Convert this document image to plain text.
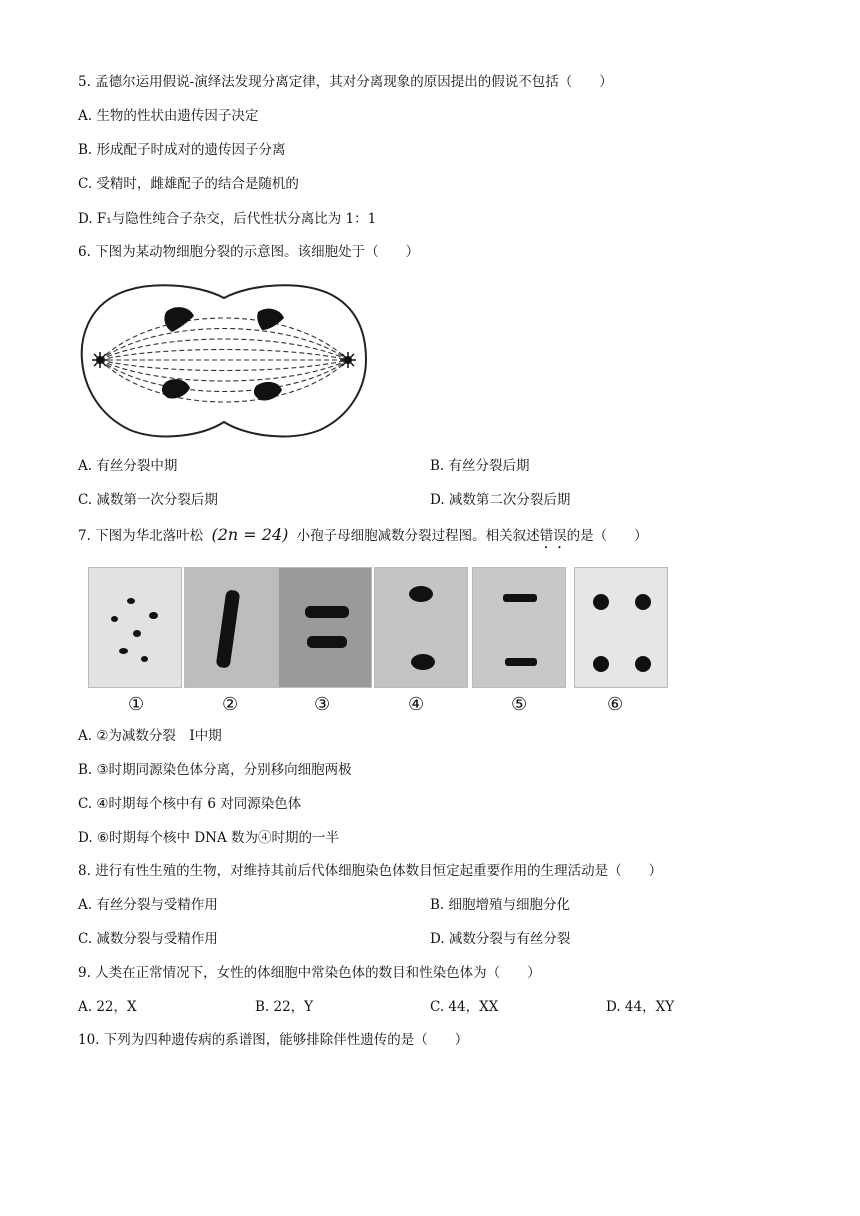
5. 孟德尔运用假说-演绎法发现分离定律，其对分离现象的原因提出的假说不包括（　　）
A. 生物的性状由遗传因子决定
B. 形成配子时成对的遗传因子分离
C. 受精时，雌雄配子的结合是随机的
D. F₁与隐性纯合子杂交，后代性状分离比为 1：1
6. 下图为某动物细胞分裂的示意图。该细胞处于（　　）
A. 有丝分裂中期	B. 有丝分裂后期
C. 减数第一次分裂后期	D. 减数第二次分裂后期
7. 下图为华北落叶松 (2n = 24) 小孢子母细胞减数分裂过程图。相关叙述错误的是（　　）
①	②	③	④	⑤	⑥
A. ②为减数分裂　Ⅰ中期
B. ③时期同源染色体分离，分别移向细胞两极
C. ④时期每个核中有 6 对同源染色体
D. ⑥时期每个核中 DNA 数为④时期的一半
8. 进行有性生殖的生物，对维持其前后代体细胞染色体数目恒定起重要作用的生理活动是（　　）
A. 有丝分裂与受精作用	B. 细胞增殖与细胞分化
C. 减数分裂与受精作用	D. 减数分裂与有丝分裂
9. 人类在正常情况下，女性的体细胞中常染色体的数目和性染色体为（　　）
A. 22，X	B. 22，Y	C. 44，XX	D. 44，XY
10. 下列为四种遗传病的系谱图，能够排除伴性遗传的是（　　）
